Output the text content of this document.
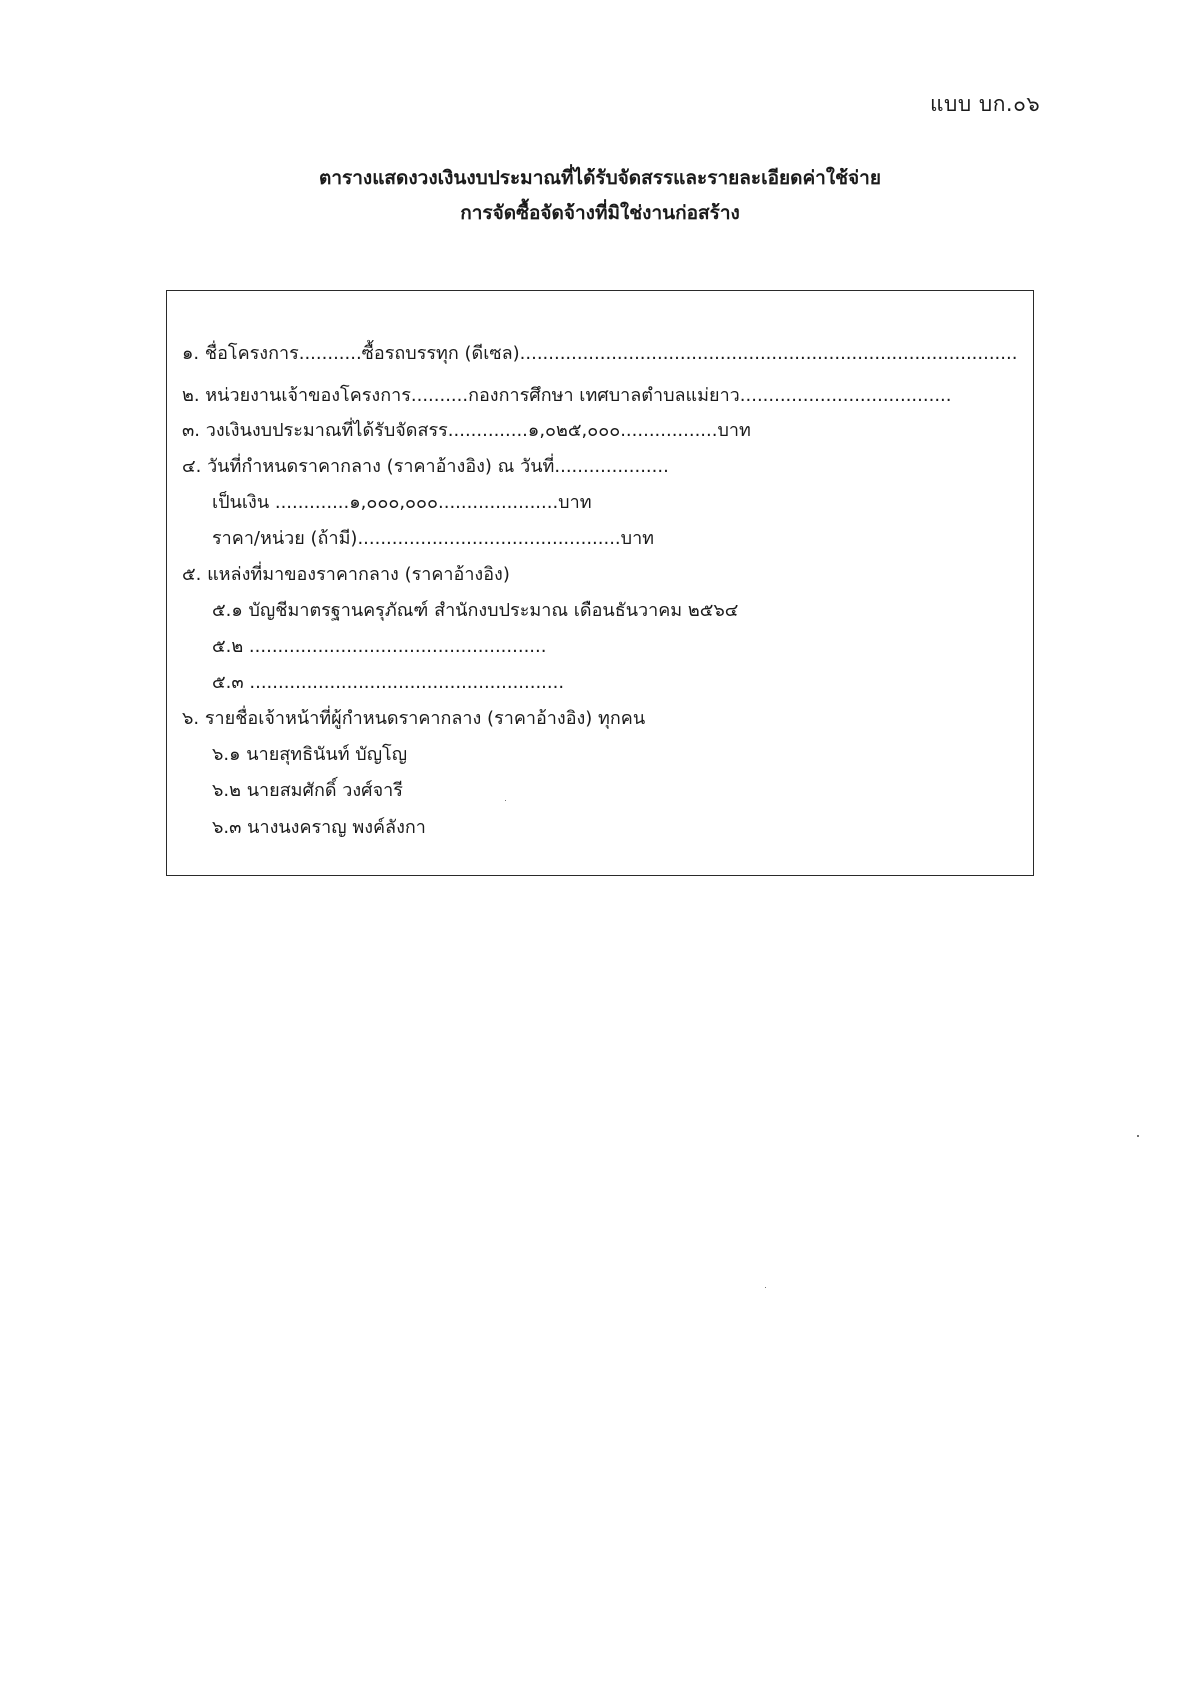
แบบ บก.๐๖
ตารางแสดงวงเงินงบประมาณที่ได้รับจัดสรรและรายละเอียดค่าใช้จ่าย
การจัดซื้อจัดจ้างที่มิใช่งานก่อสร้าง
๑. ชื่อโครงการ...........ซื้อรถบรรทุก (ดีเซล).......................................................................................
๒. หน่วยงานเจ้าของโครงการ..........กองการศึกษา เทศบาลตำบลแม่ยาว.....................................
๓. วงเงินงบประมาณที่ได้รับจัดสรร..............๑,๐๒๕,๐๐๐.................บาท
๔. วันที่กำหนดราคากลาง (ราคาอ้างอิง) ณ วันที่....................
เป็นเงิน .............๑,๐๐๐,๐๐๐.....................บาท
ราคา/หน่วย (ถ้ามี)..............................................บาท
๕. แหล่งที่มาของราคากลาง (ราคาอ้างอิง)
๕.๑ บัญชีมาตรฐานครุภัณฑ์ สำนักงบประมาณ เดือนธันวาคม ๒๕๖๔
๕.๒ ....................................................
๕.๓ .......................................................
๖. รายชื่อเจ้าหน้าที่ผู้กำหนดราคากลาง (ราคาอ้างอิง) ทุกคน
๖.๑ นายสุทธินันท์ บัญโญ
๖.๒ นายสมศักดิ์ วงศ์จารี
๖.๓ นางนงคราญ พงค์ลังกา
